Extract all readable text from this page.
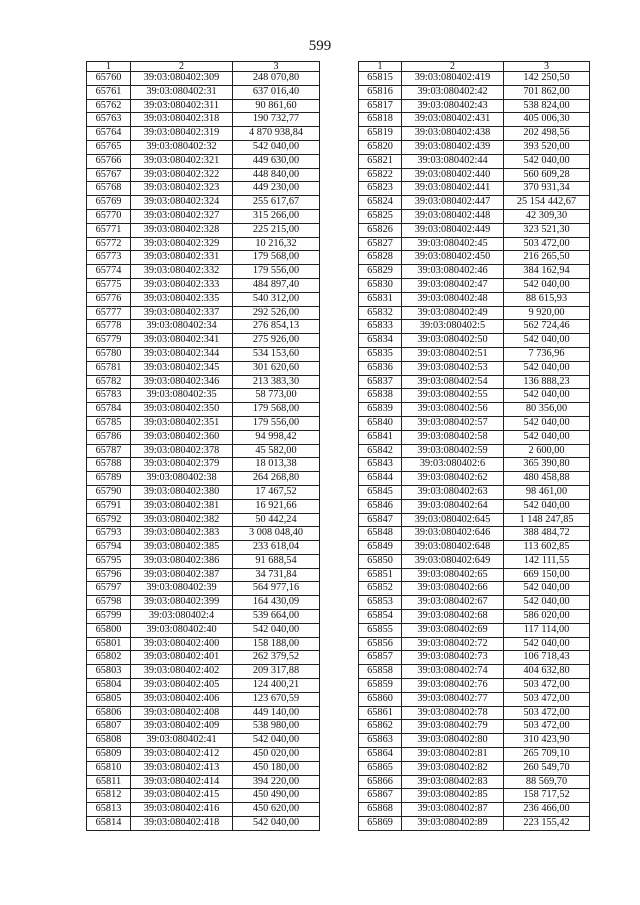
599
1	2	3
65760	39:03:080402:309	248 070,80
65761	39:03:080402:31	637 016,40
65762	39:03:080402:311	90 861,60
65763	39:03:080402:318	190 732,77
65764	39:03:080402:319	4 870 938,84
65765	39:03:080402:32	542 040,00
65766	39:03:080402:321	449 630,00
65767	39:03:080402:322	448 840,00
65768	39:03:080402:323	449 230,00
65769	39:03:080402:324	255 617,67
65770	39:03:080402:327	315 266,00
65771	39:03:080402:328	225 215,00
65772	39:03:080402:329	10 216,32
65773	39:03:080402:331	179 568,00
65774	39:03:080402:332	179 556,00
65775	39:03:080402:333	484 897,40
65776	39:03:080402:335	540 312,00
65777	39:03:080402:337	292 526,00
65778	39:03:080402:34	276 854,13
65779	39:03:080402:341	275 926,00
65780	39:03:080402:344	534 153,60
65781	39:03:080402:345	301 620,60
65782	39:03:080402:346	213 383,30
65783	39:03:080402:35	58 773,00
65784	39:03:080402:350	179 568,00
65785	39:03:080402:351	179 556,00
65786	39:03:080402:360	94 998,42
65787	39:03:080402:378	45 582,00
65788	39:03:080402:379	18 013,38
65789	39:03:080402:38	264 268,80
65790	39:03:080402:380	17 467,52
65791	39:03:080402:381	16 921,66
65792	39:03:080402:382	50 442,24
65793	39:03:080402:383	3 008 048,40
65794	39:03:080402:385	233 618,04
65795	39:03:080402:386	91 688,54
65796	39:03:080402:387	34 731,84
65797	39:03:080402:39	564 977,16
65798	39:03:080402:399	164 430,09
65799	39:03:080402:4	539 664,00
65800	39:03:080402:40	542 040,00
65801	39:03:080402:400	158 188,00
65802	39:03:080402:401	262 379,52
65803	39:03:080402:402	209 317,88
65804	39:03:080402:405	124 400,21
65805	39:03:080402:406	123 670,59
65806	39:03:080402:408	449 140,00
65807	39:03:080402:409	538 980,00
65808	39:03:080402:41	542 040,00
65809	39:03:080402:412	450 020,00
65810	39:03:080402:413	450 180,00
65811	39:03:080402:414	394 220,00
65812	39:03:080402:415	450 490,00
65813	39:03:080402:416	450 620,00
65814	39:03:080402:418	542 040,00
1	2	3
65815	39:03:080402:419	142 250,50
65816	39:03:080402:42	701 862,00
65817	39:03:080402:43	538 824,00
65818	39:03:080402:431	405 006,30
65819	39:03:080402:438	202 498,56
65820	39:03:080402:439	393 520,00
65821	39:03:080402:44	542 040,00
65822	39:03:080402:440	560 609,28
65823	39:03:080402:441	370 931,34
65824	39:03:080402:447	25 154 442,67
65825	39:03:080402:448	42 309,30
65826	39:03:080402:449	323 521,30
65827	39:03:080402:45	503 472,00
65828	39:03:080402:450	216 265,50
65829	39:03:080402:46	384 162,94
65830	39:03:080402:47	542 040,00
65831	39:03:080402:48	88 615,93
65832	39:03:080402:49	9 920,00
65833	39:03:080402:5	562 724,46
65834	39:03:080402:50	542 040,00
65835	39:03:080402:51	7 736,96
65836	39:03:080402:53	542 040,00
65837	39:03:080402:54	136 888,23
65838	39:03:080402:55	542 040,00
65839	39:03:080402:56	80 356,00
65840	39:03:080402:57	542 040,00
65841	39:03:080402:58	542 040,00
65842	39:03:080402:59	2 600,00
65843	39:03:080402:6	365 390,80
65844	39:03:080402:62	480 458,88
65845	39:03:080402:63	98 461,00
65846	39:03:080402:64	542 040,00
65847	39:03:080402:645	1 148 247,85
65848	39:03:080402:646	388 484,72
65849	39:03:080402:648	113 602,85
65850	39:03:080402:649	142 111,55
65851	39:03:080402:65	669 150,00
65852	39:03:080402:66	542 040,00
65853	39:03:080402:67	542 040,00
65854	39:03:080402:68	586 020,00
65855	39:03:080402:69	117 114,00
65856	39:03:080402:72	542 040,00
65857	39:03:080402:73	106 718,43
65858	39:03:080402:74	404 632,80
65859	39:03:080402:76	503 472,00
65860	39:03:080402:77	503 472,00
65861	39:03:080402:78	503 472,00
65862	39:03:080402:79	503 472,00
65863	39:03:080402:80	310 423,90
65864	39:03:080402:81	265 709,10
65865	39:03:080402:82	260 549,70
65866	39:03:080402:83	88 569,70
65867	39:03:080402:85	158 717,52
65868	39:03:080402:87	236 466,00
65869	39:03:080402:89	223 155,42
